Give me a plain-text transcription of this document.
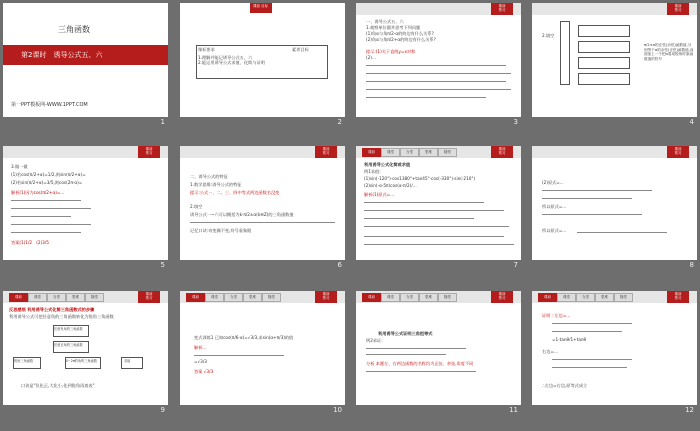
三角函数
第2课时　诱导公式五、六
第一PPT模板网-WWW.1PPT.COM
1
课前 目标
课标要求	素养目标
1.理解并能记诱导公式五、六
2.能运用诱导公式求值、化简与证明
2
课前
预习
一、诱导公式五、六
1.观察单位圆并思考下列问题
(1)角α与角π/2-α的终边有什么关系?
(2)角α与角π/2+α的终边有什么关系?
提示:(1)关于直线y=x对称
(2)...
3
课前
预习
2.填空
π/2±α的正弦(余弦)函数值,分别等于α的余弦(正弦)函数值,前面加上一个把α看成锐角时原函数值的符号
4
课前
预习
3.做一做
(1)若cos(π/2+α)=1/2,则sin(π/2+α)=
(2)若sin(π/2+α)=3/5,则cos(2π-α)=
解析(1)因为cos(π/2+α)=...
答案(1)1/2　(2)3/5
5
课前
预习
二、诱导公式的特征
1.数学思维:诱导公式的特征
提示:公式一、二、三、四中等式两边函数名没变
2.填空
诱导公式一~六可以概括为k·π/2±α(k∈Z)的三角函数值
记忆口诀:奇变偶不变,符号看象限
6
课前	课堂	当堂	思维	随堂
课前
预习
利用诱导公式化简或求值
例1求值:
(1)sin(-120°)·cos1380°+tan45°·cos(-330°)·sin(-210°)
(2)sin(-α-5π)cos(α-π/2)/...
解析(1)原式=...
7
课前
预习
(2)原式=...
所以原式=...
所以原式=...
8
课前	课堂	当堂	思维	随堂
课前
预习
反思感悟 利用诱导公式化简三角函数式的步骤
利用诱导公式可把任意角的三角函数转化为锐角三角函数
任意负角的三角函数
任意正角的三角函数
锐角三角函数	0~2π的角的三角函数	求值
口诀是"负化正,大化小,化到锐角再查表"
9
课前	课堂	当堂	思维	随堂
课前
预习
变式训练1 已知cos(π/6-α)=√3/3,求sin(α+π/3)的值
解析...
=√3/3
答案 √3/3
10
课前	课堂	当堂	思维	随堂
课前
预习
利用诱导公式证明三角恒等式
例2求证:
分析 本题左、右两边函数的名称均为正弦、余弦,角度不同
11
课前	课堂	当堂	思维	随堂
课前
预习
证明 ∵左边=...
=1-tanθ/1+tanθ
右边=...
∴左边=右边,原等式成立
12
